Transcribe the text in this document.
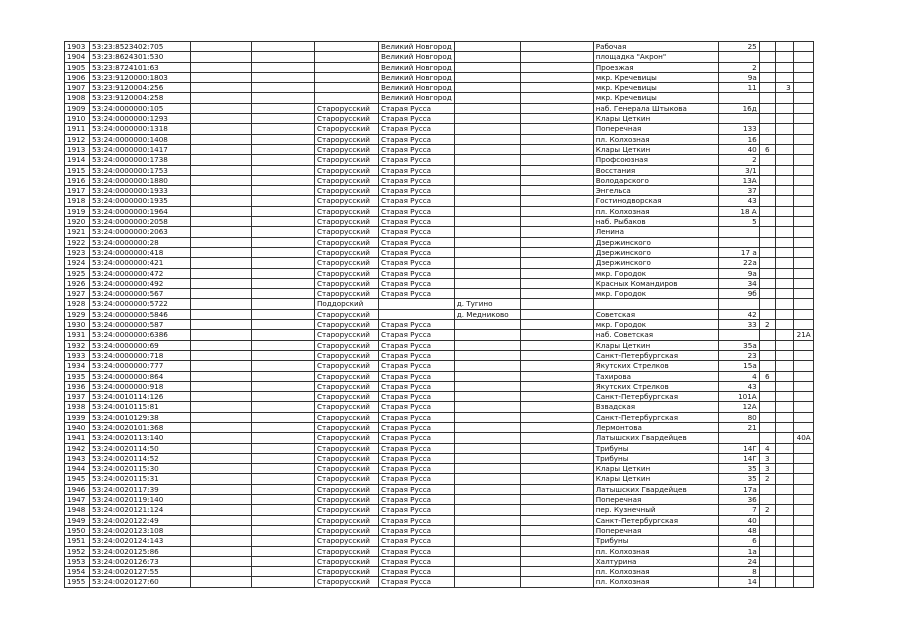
1903	53:23:8523402:705				Великий Новгород			Рабочая	25			
1904	53:23:8624301:530				Великий Новгород			площадка "Акрон"				
1905	53:23:8724101:63				Великий Новгород			Проезжая	2			
1906	53:23:9120000:1803				Великий Новгород			мкр. Кречевицы	9а			
1907	53:23:9120004:256				Великий Новгород			мкр. Кречевицы	11		3	
1908	53:23:9120004:258				Великий Новгород			мкр. Кречевицы				
1909	53:24:0000000:105			Старорусский	Старая Русса			наб. Генерала Штыкова	16д			
1910	53:24:0000000:1293			Старорусский	Старая Русса			Клары Цеткин				
1911	53:24:0000000:1318			Старорусский	Старая Русса			Поперечная	133			
1912	53:24:0000000:1408			Старорусский	Старая Русса			пл. Колхозная	16			
1913	53:24:0000000:1417			Старорусский	Старая Русса			Клары Цеткин	40	6		
1914	53:24:0000000:1738			Старорусский	Старая Русса			Профсоюзная	2			
1915	53:24:0000000:1753			Старорусский	Старая Русса			Восстания	3/1			
1916	53:24:0000000:1880			Старорусский	Старая Русса			Володарского	13А			
1917	53:24:0000000:1933			Старорусский	Старая Русса			Энгельса	37			
1918	53:24:0000000:1935			Старорусский	Старая Русса			Гостинодворская	43			
1919	53:24:0000000:1964			Старорусский	Старая Русса			пл. Колхозная	18 А			
1920	53:24:0000000:2058			Старорусский	Старая Русса			наб. Рыбаков	5			
1921	53:24:0000000:2063			Старорусский	Старая Русса			Ленина				
1922	53:24:0000000:28			Старорусский	Старая Русса			Дзержинского				
1923	53:24:0000000:418			Старорусский	Старая Русса			Дзержинского	17 а			
1924	53:24:0000000:421			Старорусский	Старая Русса			Дзержинского	22а			
1925	53:24:0000000:472			Старорусский	Старая Русса			мкр. Городок	9а			
1926	53:24:0000000:492			Старорусский	Старая Русса			Красных Командиров	34			
1927	53:24:0000000:567			Старорусский	Старая Русса			мкр. Городок	9б			
1928	53:24:0000000:5722			Поддорский		д. Тугино						
1929	53:24:0000000:5846			Старорусский		д. Медниково		Советская	42			
1930	53:24:0000000:587			Старорусский	Старая Русса			мкр. Городок	33	2		
1931	53:24:0000000:6386			Старорусский	Старая Русса			наб. Советская				21А
1932	53:24:0000000:69			Старорусский	Старая Русса			Клары Цеткин	35а			
1933	53:24:0000000:718			Старорусский	Старая Русса			Санкт-Петербургская	23			
1934	53:24:0000000:777			Старорусский	Старая Русса			Якутских Стрелков	15а			
1935	53:24:0000000:864			Старорусский	Старая Русса			Тахирова	4	6		
1936	53:24:0000000:918			Старорусский	Старая Русса			Якутских Стрелков	43			
1937	53:24:0010114:126			Старорусский	Старая Русса			Санкт-Петербургская	101А			
1938	53:24:0010115:81			Старорусский	Старая Русса			Взвадская	12А			
1939	53:24:0010129:38			Старорусский	Старая Русса			Санкт-Петербургская	80			
1940	53:24:0020101:368			Старорусский	Старая Русса			Лермонтова	21			
1941	53:24:0020113:140			Старорусский	Старая Русса			Латышских Гвардейцев				40А
1942	53:24:0020114:50			Старорусский	Старая Русса			Трибуны	14Г	4		
1943	53:24:0020114:52			Старорусский	Старая Русса			Трибуны	14Г	3		
1944	53:24:0020115:30			Старорусский	Старая Русса			Клары Цеткин	35	3		
1945	53:24:0020115:31			Старорусский	Старая Русса			Клары Цеткин	35	2		
1946	53:24:0020117:39			Старорусский	Старая Русса			Латышских Гвардейцев	17а			
1947	53:24:0020119:140			Старорусский	Старая Русса			Поперечная	36			
1948	53:24:0020121:124			Старорусский	Старая Русса			пер. Кузнечный	7	2		
1949	53:24:0020122:49			Старорусский	Старая Русса			Санкт-Петербургская	40			
1950	53:24:0020123:108			Старорусский	Старая Русса			Поперечная	48			
1951	53:24:0020124:143			Старорусский	Старая Русса			Трибуны	6			
1952	53:24:0020125:86			Старорусский	Старая Русса			пл. Колхозная	1а			
1953	53:24:0020126:73			Старорусский	Старая Русса			Халтурина	24			
1954	53:24:0020127:55			Старорусский	Старая Русса			пл. Колхозная	8			
1955	53:24:0020127:60			Старорусский	Старая Русса			пл. Колхозная	14			
